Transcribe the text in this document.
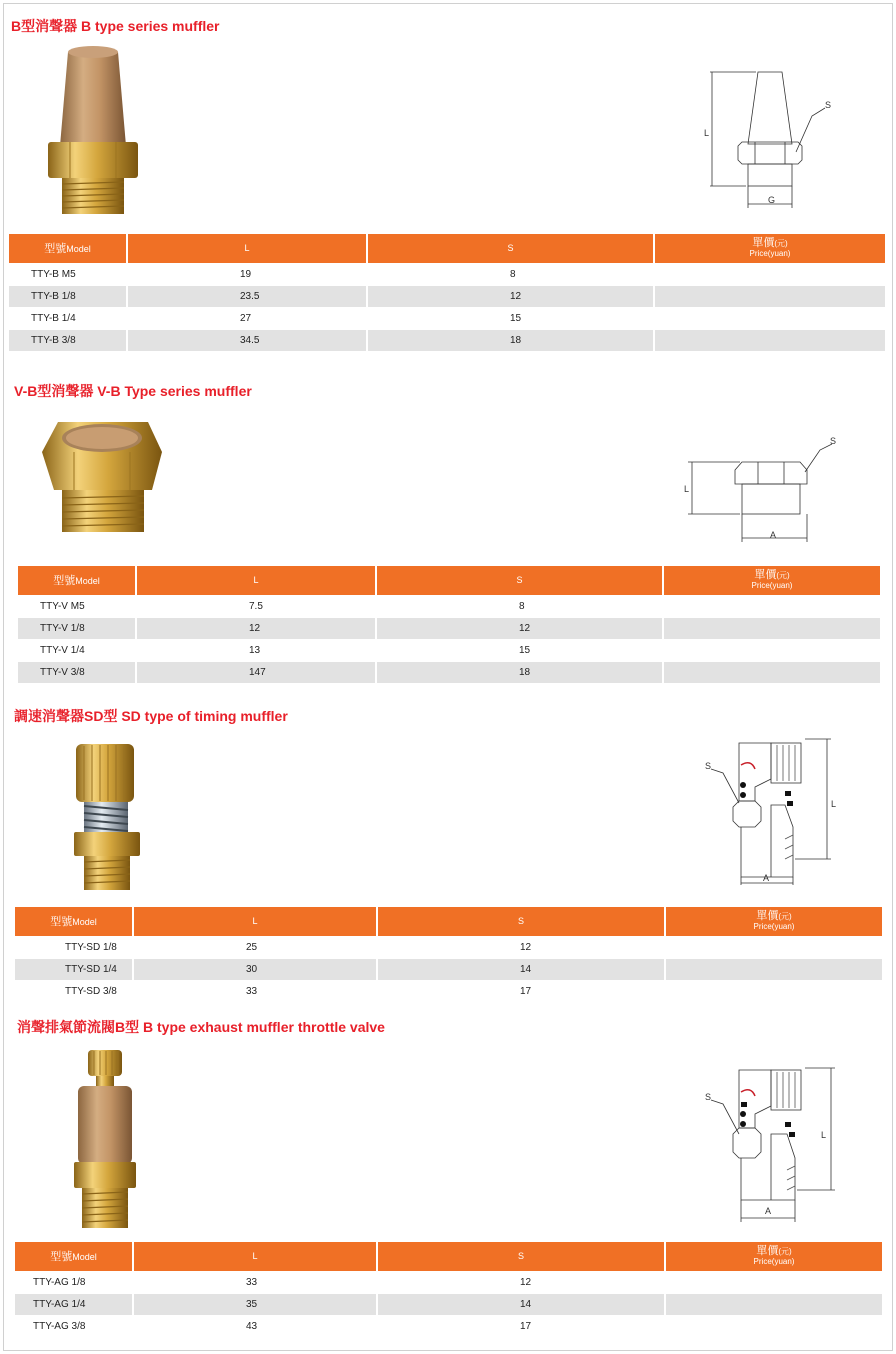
B型消聲器 B type series muffler
L
S
G
型號Model	L	S	單價(元)
Price(yuan)

TTY-B M5	19	8	
TTY-B 1/8	23.5	12	
TTY-B 1/4	27	15	
TTY-B 3/8	34.5	18	
V-B型消聲器 V-B Type series muffler
L
S
A
型號Model	L	S	單價(元)
Price(yuan)

TTY-V M5	7.5	8	
TTY-V 1/8	12	12	
TTY-V 1/4	13	15	
TTY-V 3/8	147	18	
調速消聲器SD型 SD type of timing muffler
L
S
A
型號Model	L	S	單價(元)
Price(yuan)

TTY-SD 1/8	25	12	
TTY-SD 1/4	30	14	
TTY-SD 3/8	33	17	
消聲排氣節流閥B型 B type exhaust muffler throttle valve
L
S
A
型號Model	L	S	單價(元)
Price(yuan)

TTY-AG 1/8	33	12	
TTY-AG 1/4	35	14	
TTY-AG 3/8	43	17	
